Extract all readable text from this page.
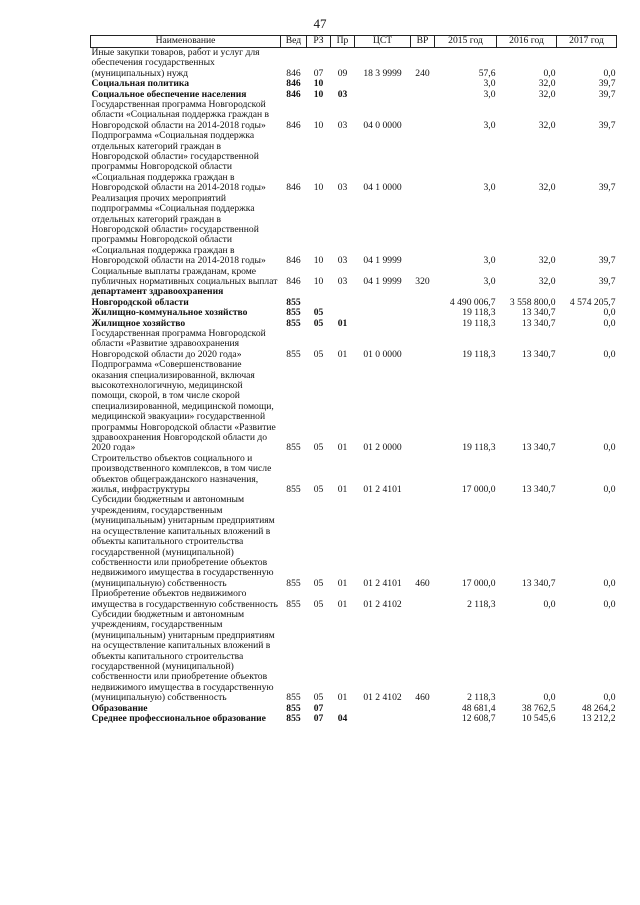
47
Наименование	Вед	РЗ	Пр	ЦСТ	ВР	2015 год	2016 год	2017 год
Иные закупки товаров, работ и услуг для обеспечения государственных (муниципальных) нужд	846	07	09	18 3 9999	240	57,6	0,0	0,0
Социальная политика	846	10				3,0	32,0	39,7
Социальное обеспечение населения	846	10	03			3,0	32,0	39,7
Государственная программа Новгородской области «Социальная поддержка граждан в Новгородской области на 2014-2018 годы»	846	10	03	04 0 0000		3,0	32,0	39,7
Подпрограмма «Социальная поддержка отдельных категорий граждан в Новгородской области» государственной программы Новгородской области «Социальная поддержка граждан в Новгородской области на 2014-2018 годы»	846	10	03	04 1 0000		3,0	32,0	39,7
Реализация прочих мероприятий подпрограммы «Социальная поддержка отдельных категорий граждан в Новгородской области» государственной программы Новгородской области «Социальная поддержка граждан в Новгородской области на 2014-2018 годы»	846	10	03	04 1 9999		3,0	32,0	39,7
Социальные выплаты гражданам, кроме публичных нормативных социальных выплат	846	10	03	04 1 9999	320	3,0	32,0	39,7
департамент здравоохранения Новгородской области	855					4 490 006,7	3 558 800,0	4 574 205,7
Жилищно-коммунальное хозяйство	855	05				19 118,3	13 340,7	0,0
Жилищное хозяйство	855	05	01			19 118,3	13 340,7	0,0
Государственная программа Новгородской области «Развитие здравоохранения Новгородской области до 2020 года»	855	05	01	01 0 0000		19 118,3	13 340,7	0,0
Подпрограмма «Совершенствование оказания специализированной, включая высокотехнологичную, медицинской помощи, скорой, в том числе скорой специализированной, медицинской помощи, медицинской эвакуации» государственной программы Новгородской области «Развитие здравоохранения Новгородской области до 2020 года»	855	05	01	01 2 0000		19 118,3	13 340,7	0,0
Строительство объектов социального и производственного комплексов, в том числе объектов общегражданского назначения, жилья, инфраструктуры	855	05	01	01 2 4101		17 000,0	13 340,7	0,0
Субсидии бюджетным и автономным учреждениям, государственным (муниципальным) унитарным предприятиям на осуществление капитальных вложений в объекты капитального строительства государственной (муниципальной) собственности или приобретение объектов недвижимого имущества в государственную (муниципальную) собственность	855	05	01	01 2 4101	460	17 000,0	13 340,7	0,0
Приобретение объектов недвижимого имущества в государственную собственность	855	05	01	01 2 4102		2 118,3	0,0	0,0
Субсидии бюджетным и автономным учреждениям, государственным (муниципальным) унитарным предприятиям на осуществление капитальных вложений в объекты капитального строительства государственной (муниципальной) собственности или приобретение объектов недвижимого имущества в государственную (муниципальную) собственность	855	05	01	01 2 4102	460	2 118,3	0,0	0,0
Образование	855	07				48 681,4	38 762,5	48 264,2
Среднее профессиональное образование	855	07	04			12 608,7	10 545,6	13 212,2
